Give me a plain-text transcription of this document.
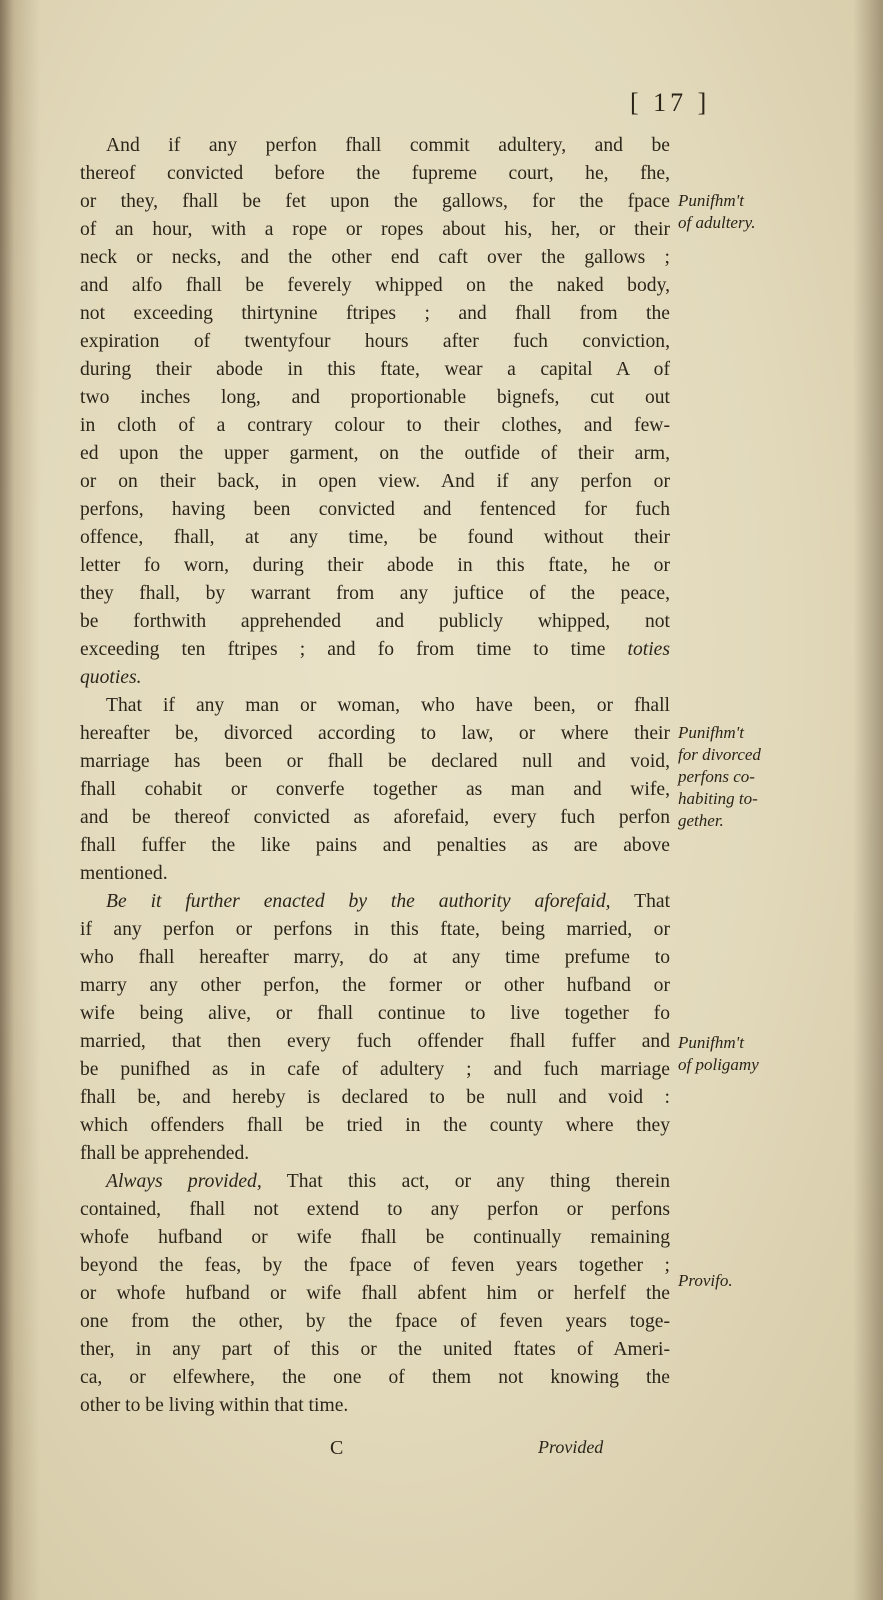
[ 17 ]
And if any perfon fhall commit adultery, and be
thereof convicted before the fupreme court, he, fhe,
or they, fhall be fet upon the gallows, for the fpace
of an hour, with a rope or ropes about his, her, or their
neck or necks, and the other end caft over the gallows ;
and alfo fhall be feverely whipped on the naked body,
not exceeding thirtynine ftripes ; and fhall from the
expiration of twentyfour hours after fuch conviction,
during their abode in this ftate, wear a capital A of
two inches long, and proportionable bignefs, cut out
in cloth of a contrary colour to their clothes, and few-
ed upon the upper garment, on the outfide of their arm,
or on their back, in open view. And if any perfon or
perfons, having been convicted and fentenced for fuch
offence, fhall, at any time, be found without their
letter fo worn, during their abode in this ftate, he or
they fhall, by warrant from any juftice of the peace,
be forthwith apprehended and publicly whipped, not
exceeding ten ftripes ; and fo from time to time toties
quoties.
That if any man or woman, who have been, or fhall
hereafter be, divorced according to law, or where their
marriage has been or fhall be declared null and void,
fhall cohabit or converfe together as man and wife,
and be thereof convicted as aforefaid, every fuch perfon
fhall fuffer the like pains and penalties as are above
mentioned.
Be it further enacted by the authority aforefaid, That
if any perfon or perfons in this ftate, being married, or
who fhall hereafter marry, do at any time prefume to
marry any other perfon, the former or other hufband or
wife being alive, or fhall continue to live together fo
married, that then every fuch offender fhall fuffer and
be punifhed as in cafe of adultery ; and fuch marriage
fhall be, and hereby is declared to be null and void :
which offenders fhall be tried in the county where they
fhall be apprehended.
Always provided, That this act, or any thing therein
contained, fhall not extend to any perfon or perfons
whofe hufband or wife fhall be continually remaining
beyond the feas, by the fpace of feven years together ;
or whofe hufband or wife fhall abfent him or herfelf the
one from the other, by the fpace of feven years toge-
ther, in any part of this or the united ftates of Ameri-
ca, or elfewhere, the one of them not knowing the
other to be living within that time.
Punifhm't
of adultery.
Punifhm't
for divorced
perfons co-
habiting to-
gether.
Punifhm't
of poligamy
Provifo.
C	Provided
